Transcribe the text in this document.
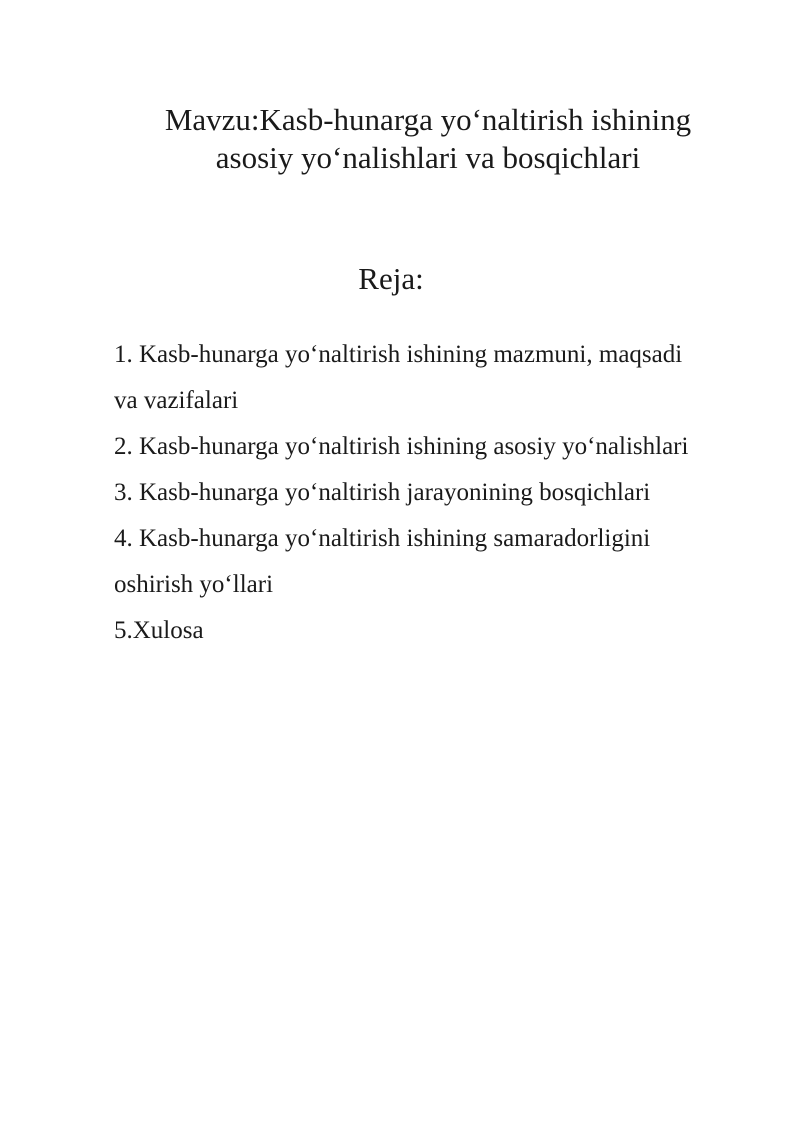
Mavzu:Kasb-hunarga yo‘naltirish ishining
asosiy yo‘nalishlari va bosqichlari
Reja:
1. Kasb-hunarga yo‘naltirish ishining mazmuni, maqsadi
va vazifalari
2. Kasb-hunarga yo‘naltirish ishining asosiy yo‘nalishlari
3. Kasb-hunarga yo‘naltirish jarayonining bosqichlari
4. Kasb-hunarga yo‘naltirish ishining samaradorligini
oshirish yo‘llari
5.Xulosa
